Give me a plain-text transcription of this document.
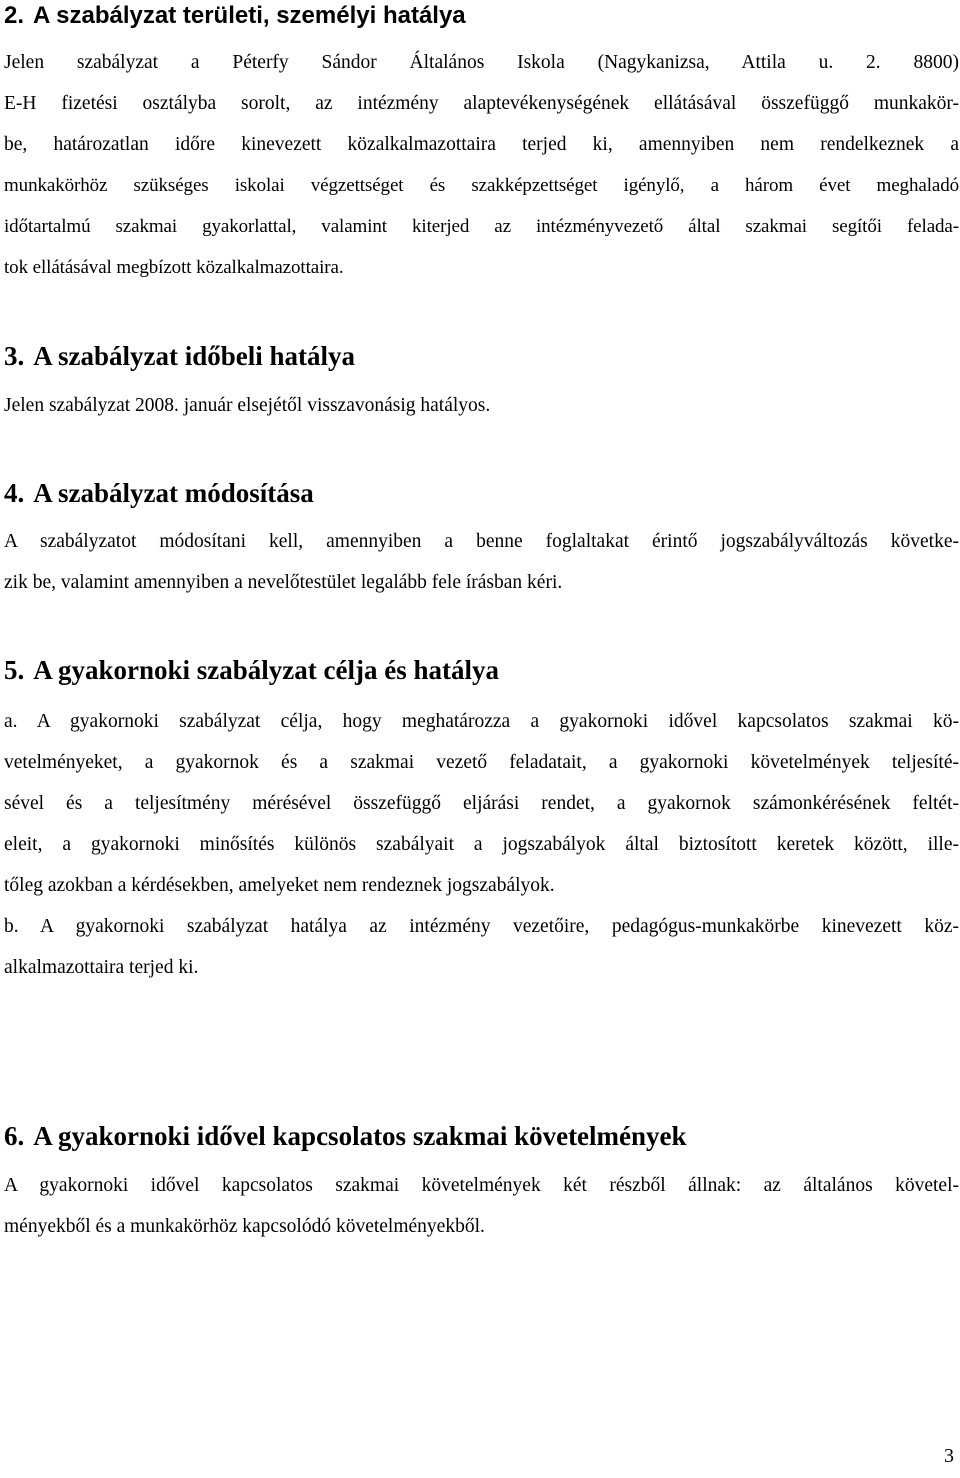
2. A szabályzat területi, személyi hatálya
Jelen szabályzat a Péterfy Sándor Általános Iskola (Nagykanizsa, Attila u. 2. 8800)
E-H fizetési osztályba sorolt, az intézmény alaptevékenységének ellátásával összefüggő munkakör-
be, határozatlan időre kinevezett közalkalmazottaira terjed ki, amennyiben nem rendelkeznek a
munkakörhöz szükséges iskolai végzettséget és szakképzettséget igénylő, a három évet meghaladó
időtartalmú szakmai gyakorlattal, valamint kiterjed az intézményvezető által szakmai segítői felada-
tok ellátásával megbízott közalkalmazottaira.
3. A szabályzat időbeli hatálya
Jelen szabályzat 2008. január elsejétől visszavonásig hatályos.
4. A szabályzat módosítása
A szabályzatot módosítani kell, amennyiben a benne foglaltakat érintő jogszabályváltozás követke-
zik be, valamint amennyiben a nevelőtestület legalább fele írásban kéri.
5. A gyakornoki szabályzat célja és hatálya
a. A gyakornoki szabályzat célja, hogy meghatározza a gyakornoki idővel kapcsolatos szakmai kö-
vetelményeket, a gyakornok és a szakmai vezető feladatait, a gyakornoki követelmények teljesíté-
sével és a teljesítmény mérésével összefüggő eljárási rendet, a gyakornok számonkérésének feltét-
eleit, a gyakornoki minősítés különös szabályait a jogszabályok által biztosított keretek között, ille-
tőleg azokban a kérdésekben, amelyeket nem rendeznek jogszabályok.
b. A gyakornoki szabályzat hatálya az intézmény vezetőire, pedagógus-munkakörbe kinevezett köz-
alkalmazottaira terjed ki.
6. A gyakornoki idővel kapcsolatos szakmai követelmények
A gyakornoki idővel kapcsolatos szakmai követelmények két részből állnak: az általános követel-
ményekből és a munkakörhöz kapcsolódó követelményekből.
3
